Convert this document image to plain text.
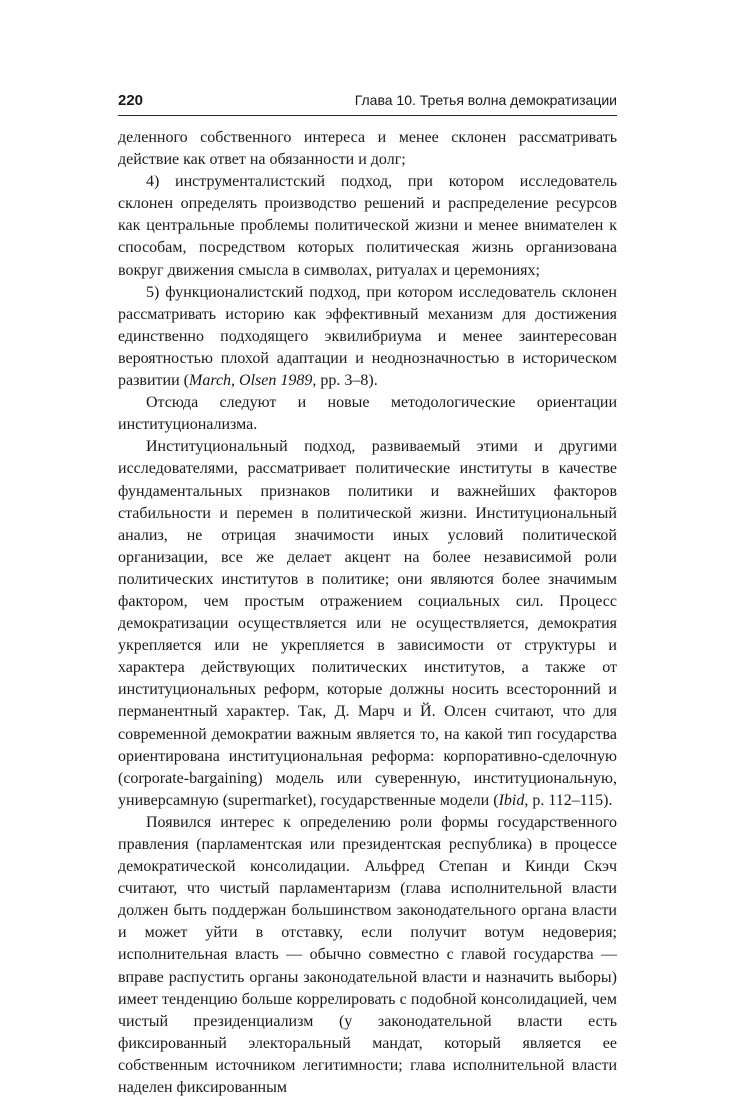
220	Глава 10. Третья волна демократизации

деленного собственного интереса и менее склонен рассматривать действие как ответ на обязанности и долг;

4) инструменталистский подход, при котором исследователь склонен определять производство решений и распределение ресурсов как центральные проблемы политической жизни и менее внимателен к способам, посредством которых политическая жизнь организована вокруг движения смысла в символах, ритуалах и церемониях;

5) функционалистский подход, при котором исследователь склонен рассматривать историю как эффективный механизм для достижения единственно подходящего эквилибриума и менее заинтересован вероятностью плохой адаптации и неоднозначностью в историческом развитии (March, Olsen 1989, pp. 3–8).

Отсюда следуют и новые методологические ориентации институционализма.

Институциональный подход, развиваемый этими и другими исследователями, рассматривает политические институты в качестве фундаментальных признаков политики и важнейших факторов стабильности и перемен в политической жизни. Институциональный анализ, не отрицая значимости иных условий политической организации, все же делает акцент на более независимой роли политических институтов в политике; они являются более значимым фактором, чем простым отражением социальных сил. Процесс демократизации осуществляется или не осуществляется, демократия укрепляется или не укрепляется в зависимости от структуры и характера действующих политических институтов, а также от институциональных реформ, которые должны носить всесторонний и перманентный характер. Так, Д. Марч и Й. Олсен считают, что для современной демократии важным является то, на какой тип государства ориентирована институциональная реформа: корпоративно-сделочную (corporate-bargaining) модель или суверенную, институциональную, универсамную (supermarket), государственные модели (Ibid, p. 112–115).

Появился интерес к определению роли формы государственного правления (парламентская или президентская республика) в процессе демократической консолидации. Альфред Степан и Кинди Скэч считают, что чистый парламентаризм (глава исполнительной власти должен быть поддержан большинством законодательного органа власти и может уйти в отставку, если получит вотум недоверия; исполнительная власть — обычно совместно с главой государства — вправе распустить органы законодательной власти и назначить выборы) имеет тенденцию больше коррелировать с подобной консолидацией, чем чистый президенциализм (у законодательной власти есть фиксированный электоральный мандат, который является ее собственным источником легитимности; глава исполнительной власти наделен фиксированным
